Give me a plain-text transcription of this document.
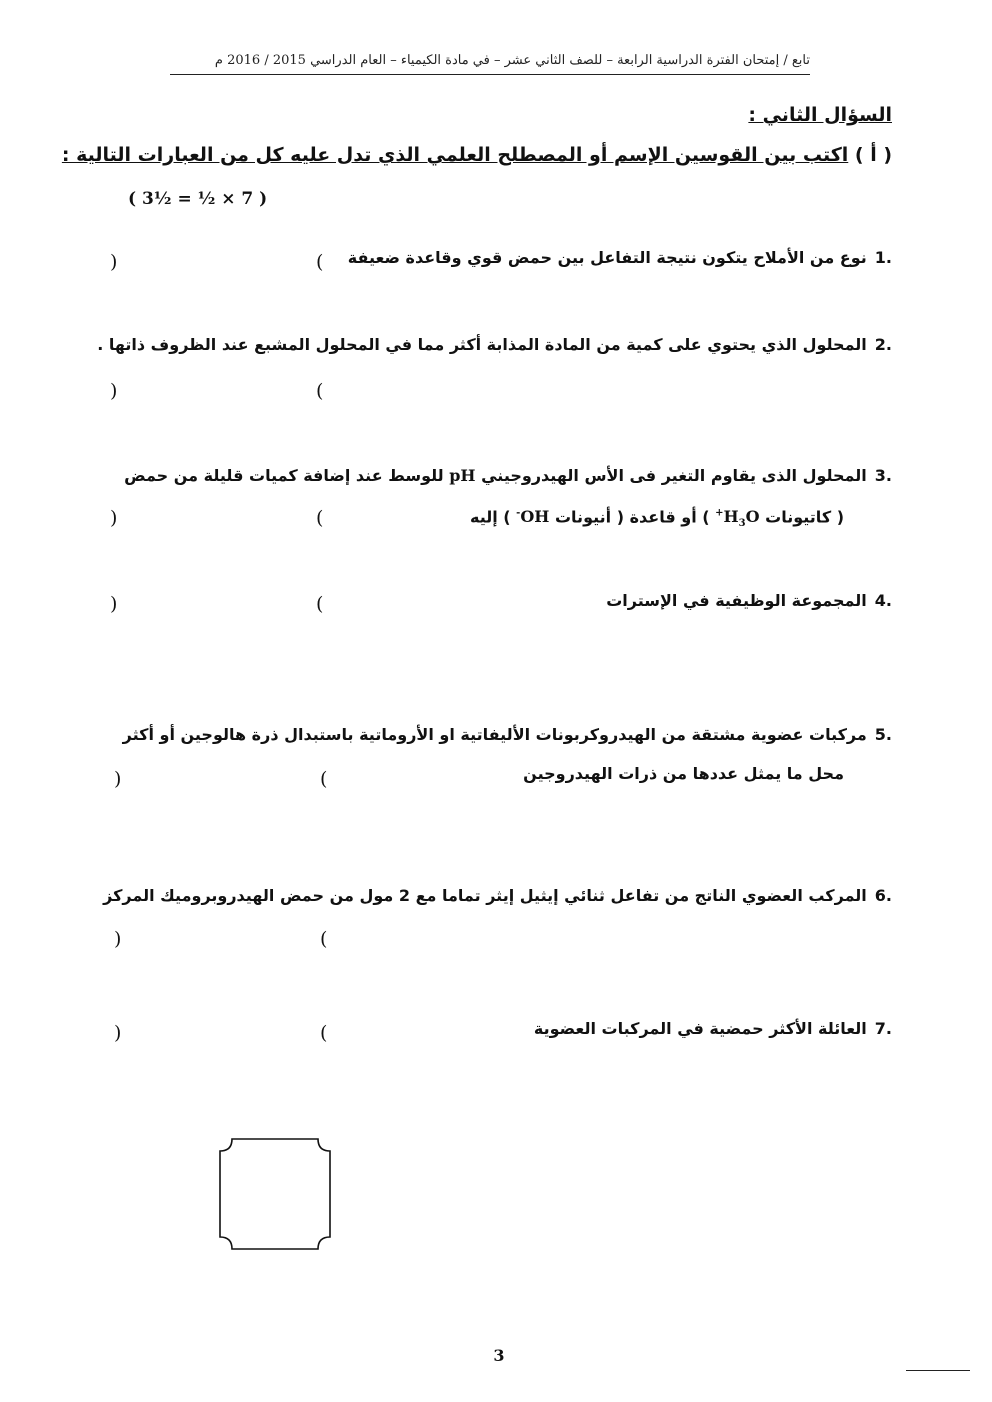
تابع / إمتحان الفترة الدراسية الرابعة – للصف الثاني عشر – في مادة الكيمياء – العام الدراسي 2015 / 2016 م
السؤال الثاني :
( أ ) اكتب بين القوسين الإسم أو المصطلح العلمي الذي تدل عليه كل من العبارات التالية :
( 3½ = ½ × 7 )
.1نوع من الأملاح يتكون نتيجة التفاعل بين حمض قوي وقاعدة ضعيفة
(
)
.2المحلول الذي يحتوي على كمية من المادة المذابة أكثر مما في المحلول المشبع عند الظروف ذاتها .
(
)
.3المحلول الذى يقاوم التغير فى الأس الهيدروجيني pH للوسط عند إضافة كميات قليلة من حمض
( كاتيونات $H_3O^+$ ) أو قاعدة ( أنيونات OH- ) إليه
(
)
.4المجموعة الوظيفية في الإسترات
(
)
.5مركبات عضوية مشتقة من الهيدروكربونات الأليفاتية او الأروماتية باستبدال ذرة هالوجين أو أكثر
محل ما يمثل عددها من ذرات الهيدروجين
(
)
.6المركب العضوي الناتج من تفاعل ثنائي إيثيل إيثر تماما مع 2 مول من حمض الهيدروبروميك المركز
(
)
.7العائلة الأكثر حمضية في المركبات العضوية
(
)
3
